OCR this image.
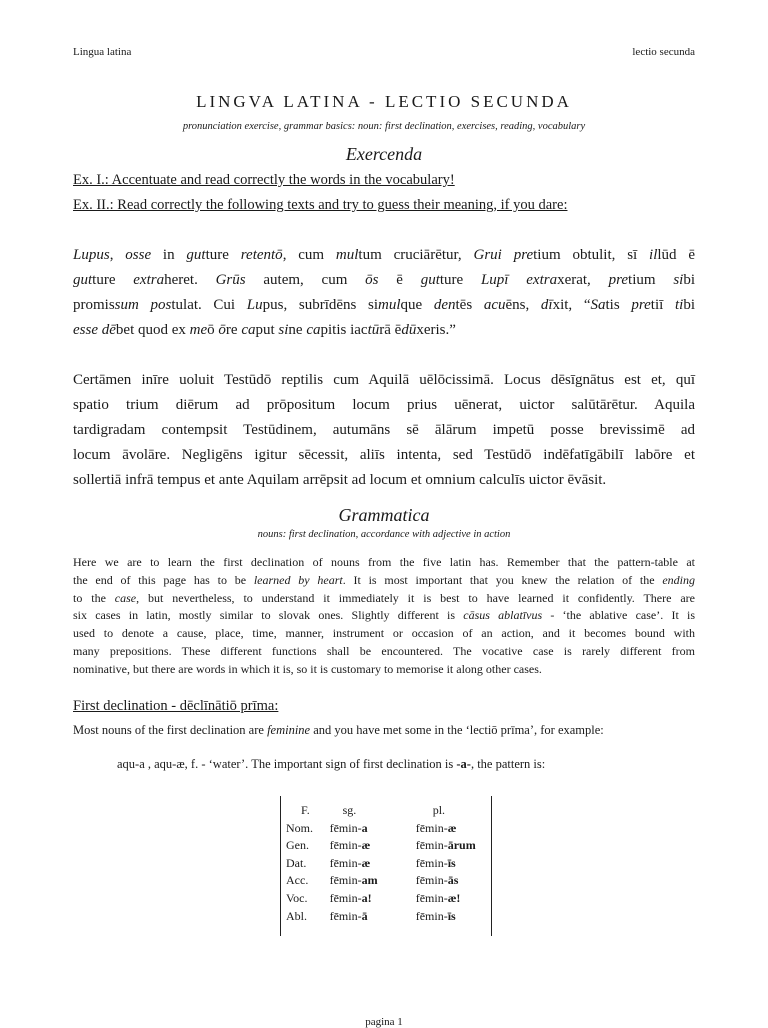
Lingua latina	lectio secunda
LINGVA LATINA - LECTIO SECUNDA
pronunciation exercise, grammar basics: noun: first declination, exercises, reading, vocabulary
Exercenda
Ex. I.: Accentuate and read correctly the words in the vocabulary!
Ex. II.: Read correctly the following texts and try to guess their meaning, if you dare:
Lupus, osse in gutture retentō, cum multum cruciārētur, Grui pretium obtulit, sī illūd ē
gutture extraheret. Grūs autem, cum ōs ē gutture Lupī extraxerat, pretium sibi
promissum postulat. Cui Lupus, subrīdēns simulque dentēs acuēns, dīxit, “Satis pretiī tibi
esse dēbet quod ex meō ōre caput sine capitis iactūrā ēdūxeris.”
Certāmen inīre uoluit Testūdō reptilis cum Aquilā uēlōcissimā. Locus dēsīgnātus est et, quī
spatio trium diērum ad prōpositum locum prius uēnerat, uictor salūtārētur. Aquila
tardigradam contempsit Testūdinem, autumāns sē ālārum impetū posse brevissimē ad
locum āvolāre. Negligēns igitur sēcessit, aliīs intenta, sed Testūdō indēfatīgābilī labōre et
sollertiā infrā tempus et ante Aquilam arrēpsit ad locum et omnium calculīs uictor ēvāsit.
Grammatica
nouns: first declination, accordance with adjective in action
Here we are to learn the first declination of nouns from the five latin has. Remember that the pattern-table at
the end of this page has to be learned by heart. It is most important that you knew the relation of the ending
to the case, but nevertheless, to understand it immediately it is best to have learned it confidently. There are
six cases in latin, mostly similar to slovak ones. Slightly different is cāsus ablatīvus - ‘the ablative case’. It is
used to denote a cause, place, time, manner, instrument or occasion of an action, and it becomes bound with
many prepositions. These different functions shall be encountered. The vocative case is rarely different from
nominative, but there are words in which it is, so it is customary to memorise it along other cases.
First declination - dēclīnātiō prīma:
Most nouns of the first declination are feminine and you have met some in the ‘lectiō prīma’, for example:
aqu-a , aqu-æ, f. - ‘water’. The important sign of first declination is -a-, the pattern is:
F.	sg.	pl.
Nom.	fēmin-a	fēmin-æ
Gen.	fēmin-æ	fēmin-ārum
Dat.	fēmin-æ	fēmin-īs
Acc.	fēmin-am	fēmin-ās
Voc.	fēmin-a!	fēmin-æ!
Abl.	fēmin-ā	fēmin-īs
pagina 1
